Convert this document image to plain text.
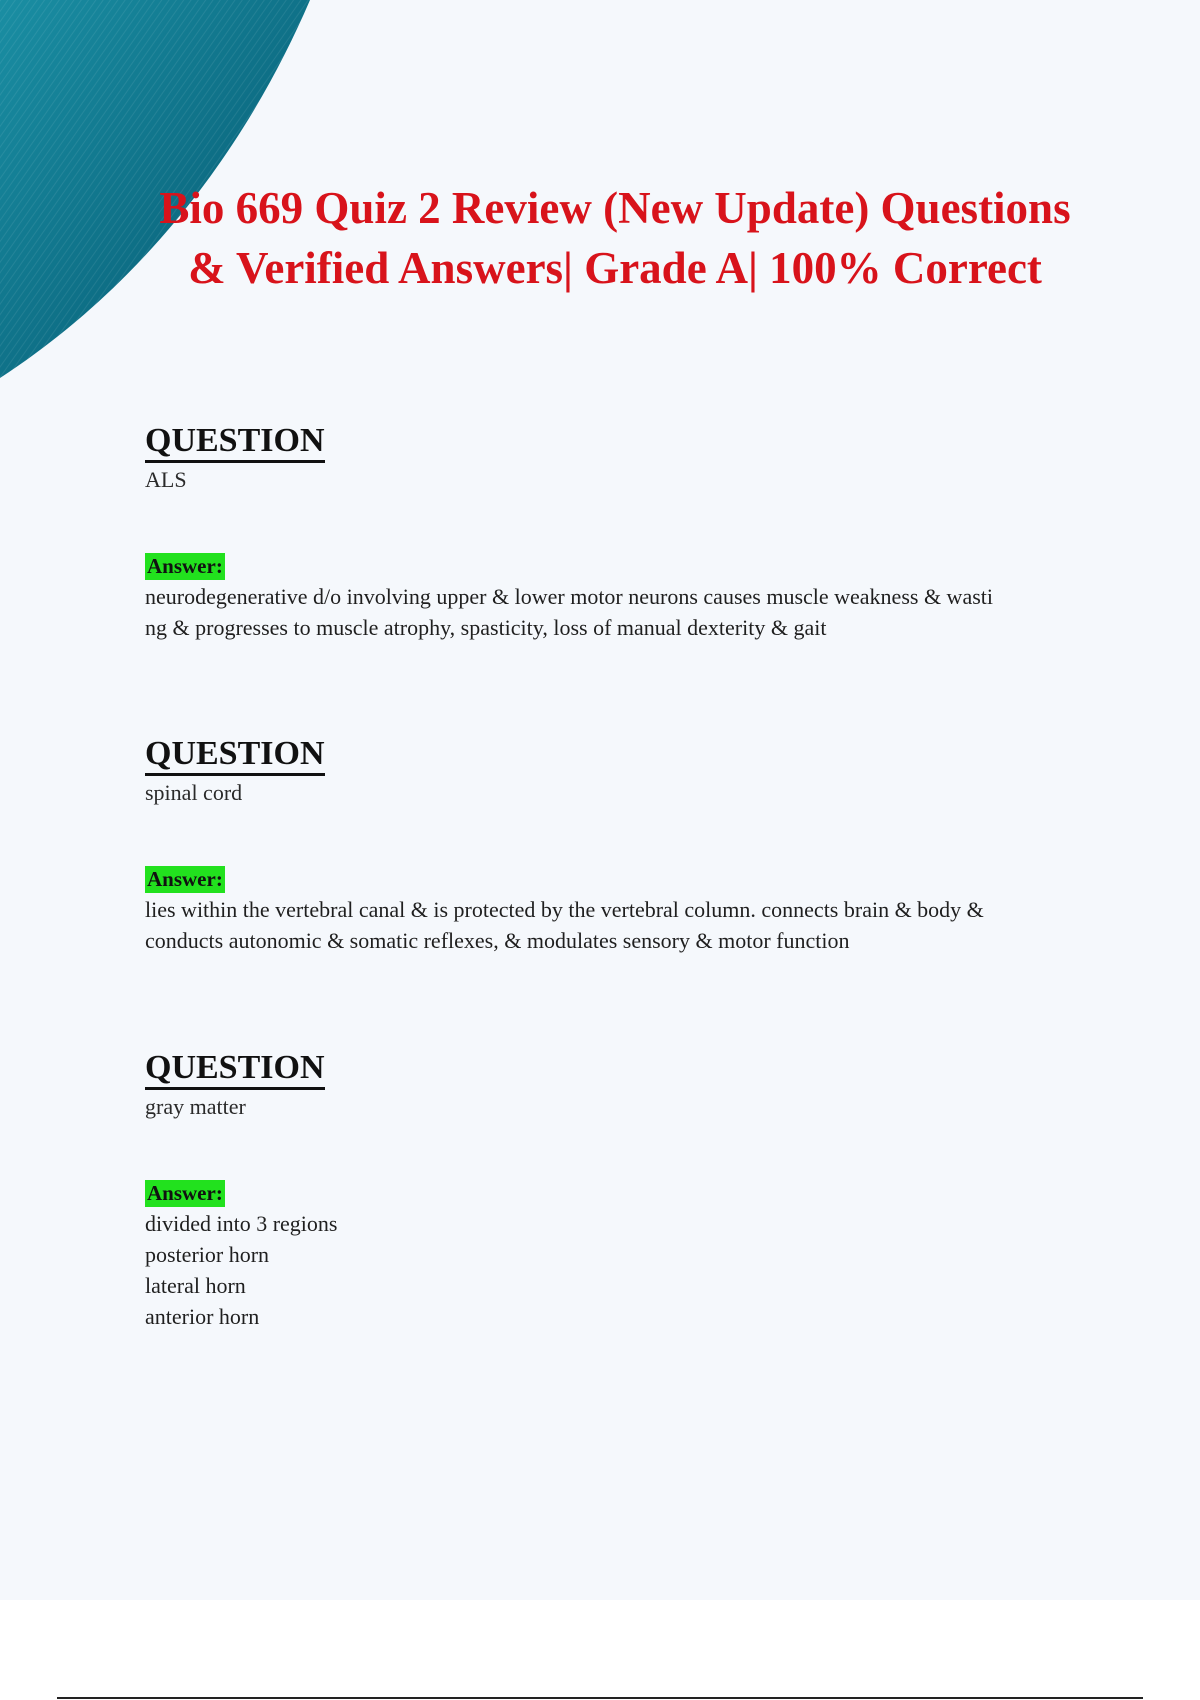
Bio 669 Quiz 2 Review (New Update) Questions & Verified Answers| Grade A| 100% Correct
QUESTION
ALS
Answer:
neurodegenerative d/o involving upper & lower motor neurons causes muscle weakness & wasti
ng & progresses to muscle atrophy, spasticity, loss of manual dexterity & gait
QUESTION
spinal cord
Answer:
lies within the vertebral canal & is protected by the vertebral column. connects brain & body &
conducts autonomic & somatic reflexes, & modulates sensory & motor function
QUESTION
gray matter
Answer:
divided into 3 regions
posterior horn
lateral horn
anterior horn
